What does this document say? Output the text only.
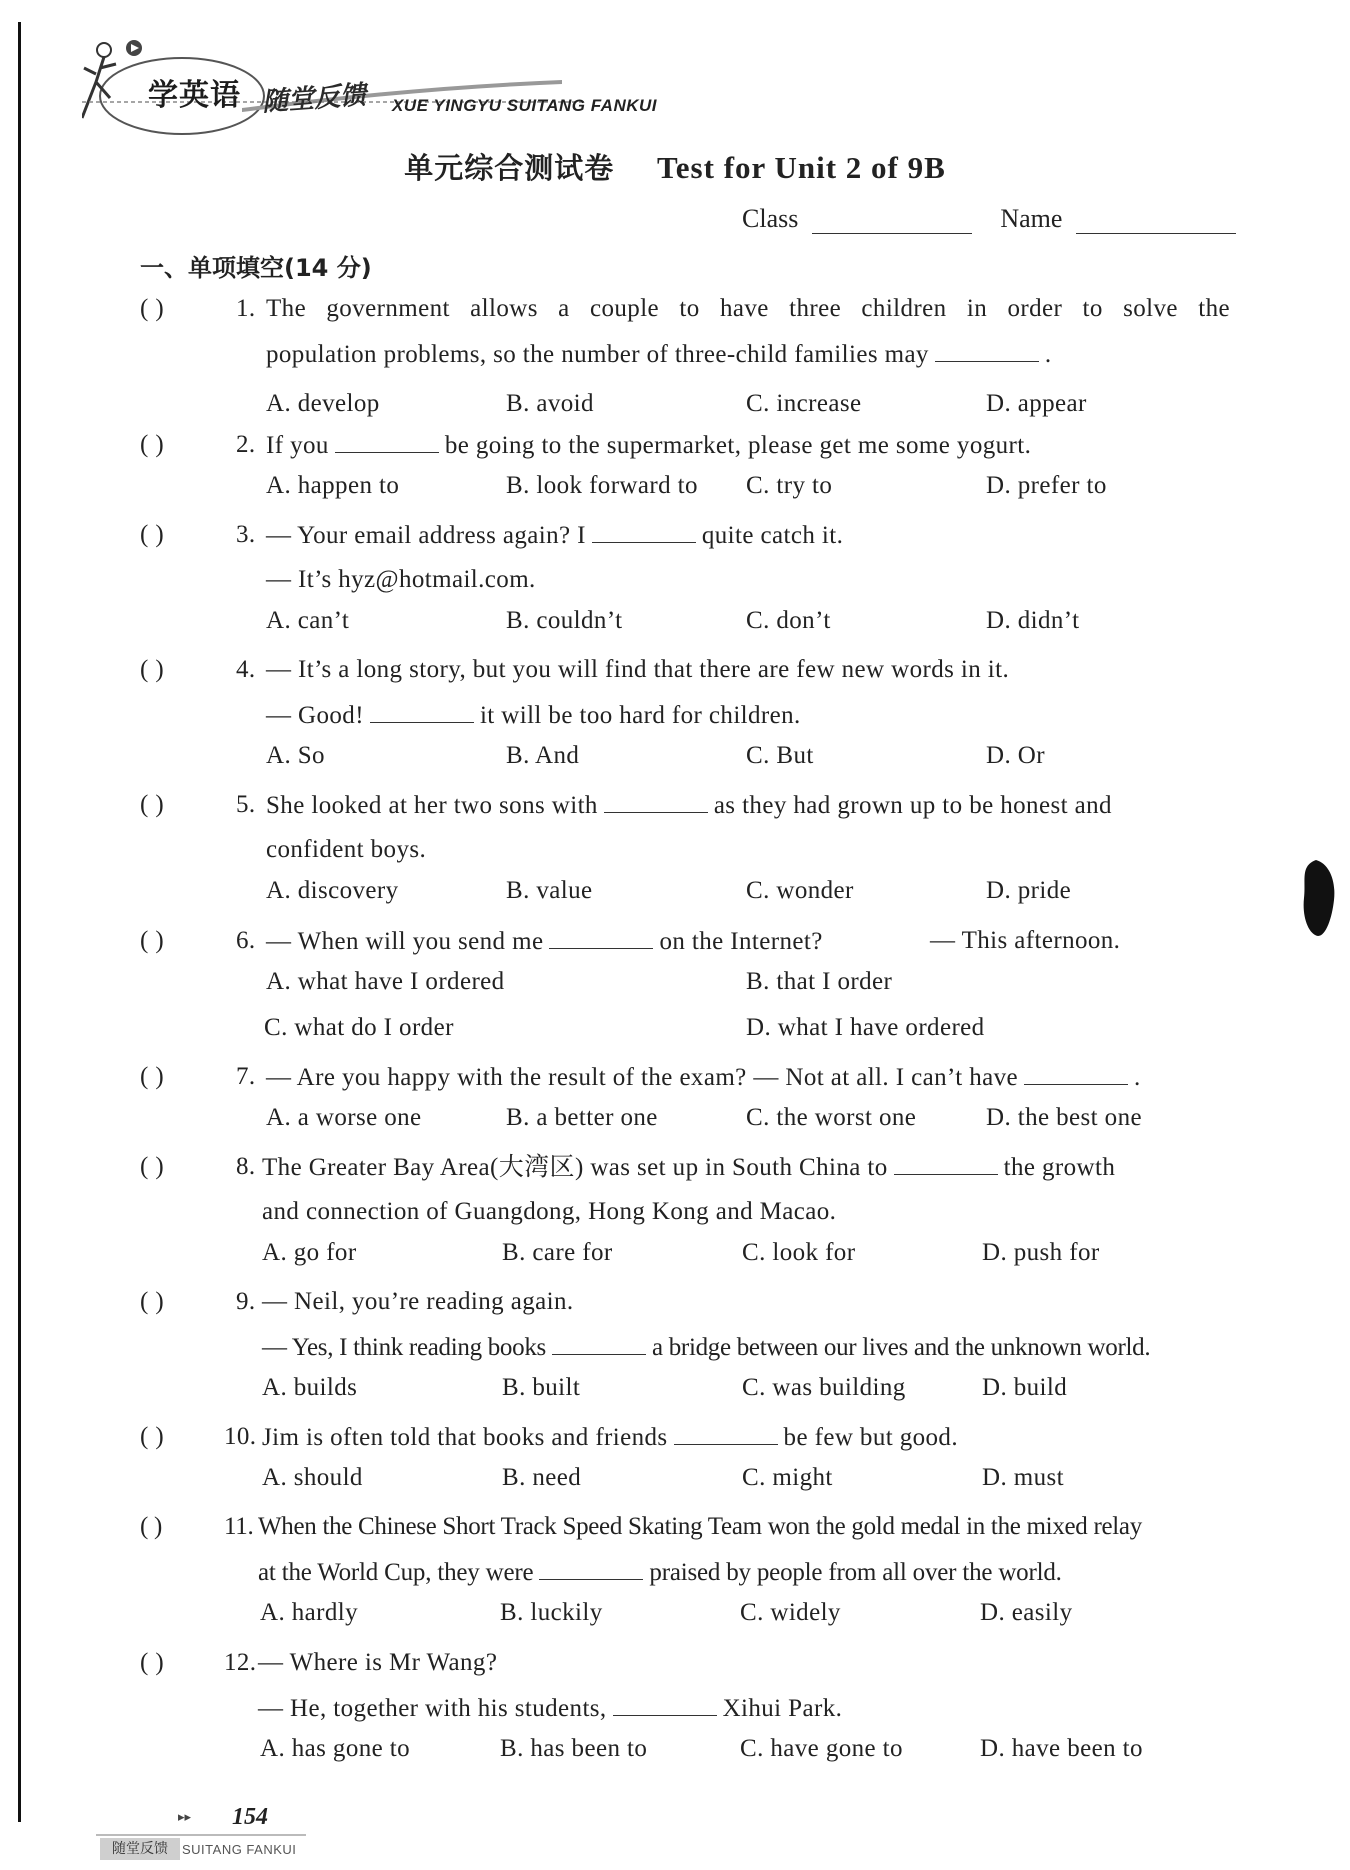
学英语 随堂反馈 XUE YINGYU SUITANG FANKUI
单元综合测试卷 Test for Unit 2 of 9B
Class	Name
一、单项填空(14 分)
( )	1. The government allows a couple to have three children in order to solve the
population problems, so the number of three-child families may	.
A. develop	B. avoid	C. increase	D. appear
( )	2. If you	be going to the supermarket, please get me some yogurt.
A. happen to	B. look forward to C. try to	D. prefer to
( )	3. — Your email address again? I	quite catch it.
— It’s hyz@hotmail.com.
A. can’t	B. couldn’t	C. don’t	D. didn’t
( )	4. — It’s a long story, but you will find that there are few new words in it.
— Good!	it will be too hard for children.
A. So	B. And	C. But	D. Or
( )	5. She looked at her two sons with	as they had grown up to be honest and
confident boys.
A. discovery	B. value	C. wonder	D. pride
( )	6. — When will you send me	on the Internet?	— This afternoon.
A. what have I ordered	B. that I order
C. what do I order	D. what I have ordered
( )	7. — Are you happy with the result of the exam? — Not at all. I can’t have	.
A. a worse one	B. a better one	C. the worst one	D. the best one
( )	8. The Greater Bay Area(大湾区) was set up in South China to	the growth
and connection of Guangdong, Hong Kong and Macao.
A. go for	B. care for	C. look for	D. push for
( )	9. — Neil, you’re reading again.
— Yes, I think reading books	a bridge between our lives and the unknown world.
A. builds	B. built	C. was building	D. build
( ) 10. Jim is often told that books and friends	be few but good.
A. should	B. need	C. might	D. must
( ) 11. When the Chinese Short Track Speed Skating Team won the gold medal in the mixed relay
at the World Cup, they were	praised by people from all over the world.
A. hardly	B. luckily	C. widely	D. easily
( ) 12. — Where is Mr Wang?
— He, together with his students,	Xihui Park.
A. has gone to	B. has been to	C. have gone to	D. have been to
▸▸ 154
随堂反馈	SUITANG FANKUI
